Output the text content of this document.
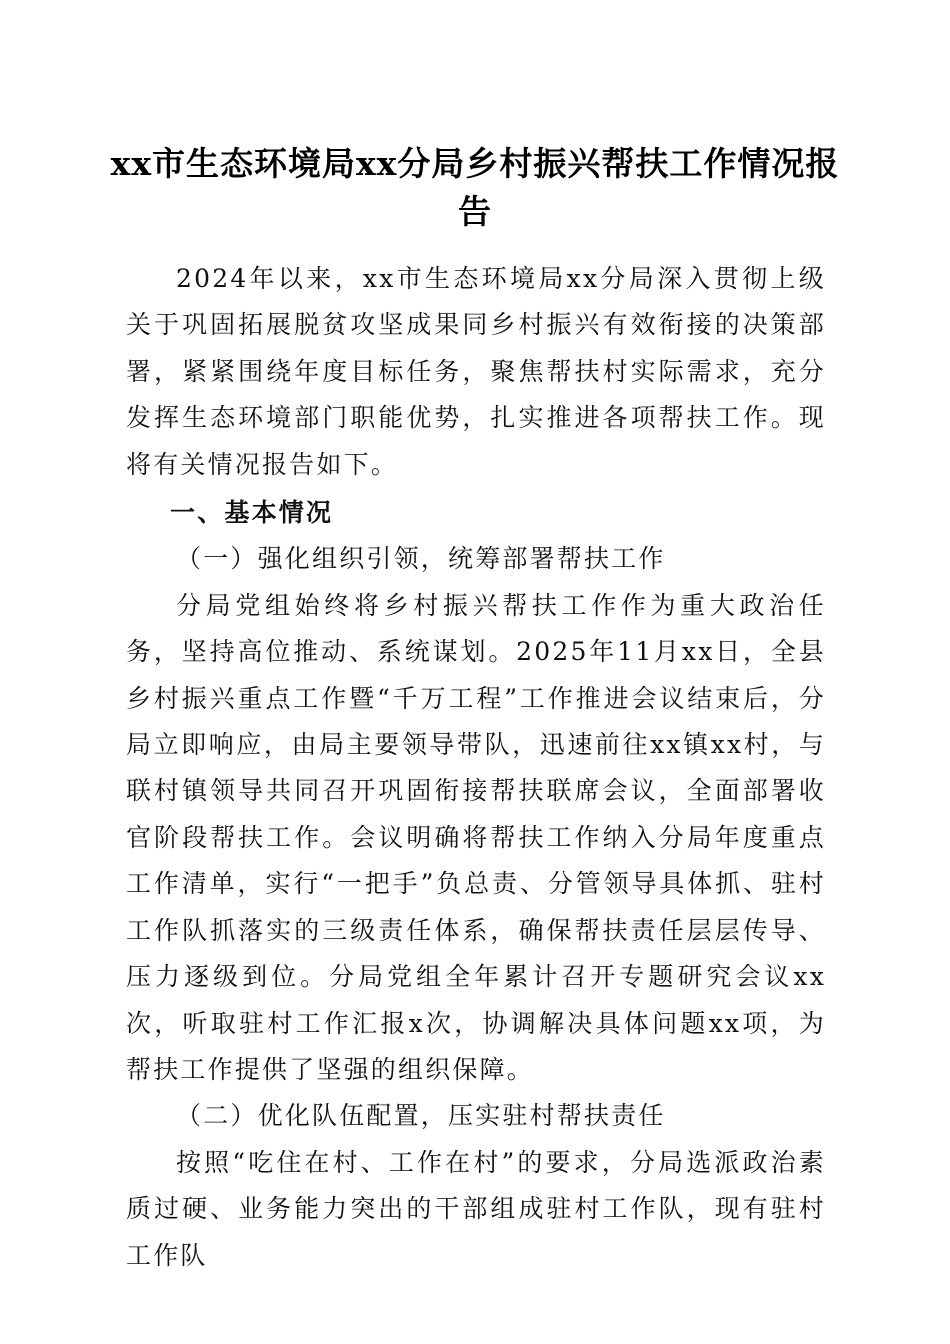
xx市生态环境局xx分局乡村振兴帮扶工作情况报告

2024年以来，xx市生态环境局xx分局深入贯彻上级关于巩固拓展脱贫攻坚成果同乡村振兴有效衔接的决策部署，紧紧围绕年度目标任务，聚焦帮扶村实际需求，充分发挥生态环境部门职能优势，扎实推进各项帮扶工作。现将有关情况报告如下。

一、基本情况

（一）强化组织引领，统筹部署帮扶工作

分局党组始终将乡村振兴帮扶工作作为重大政治任务，坚持高位推动、系统谋划。2025年11月xx日，全县乡村振兴重点工作暨“千万工程”工作推进会议结束后，分局立即响应，由局主要领导带队，迅速前往xx镇xx村，与联村镇领导共同召开巩固衔接帮扶联席会议，全面部署收官阶段帮扶工作。会议明确将帮扶工作纳入分局年度重点工作清单，实行“一把手”负总责、分管领导具体抓、驻村工作队抓落实的三级责任体系，确保帮扶责任层层传导、压力逐级到位。分局党组全年累计召开专题研究会议xx次，听取驻村工作汇报x次，协调解决具体问题xx项，为帮扶工作提供了坚强的组织保障。

（二）优化队伍配置，压实驻村帮扶责任

按照“吃住在村、工作在村”的要求，分局选派政治素质过硬、业务能力突出的干部组成驻村工作队，现有驻村工作队
